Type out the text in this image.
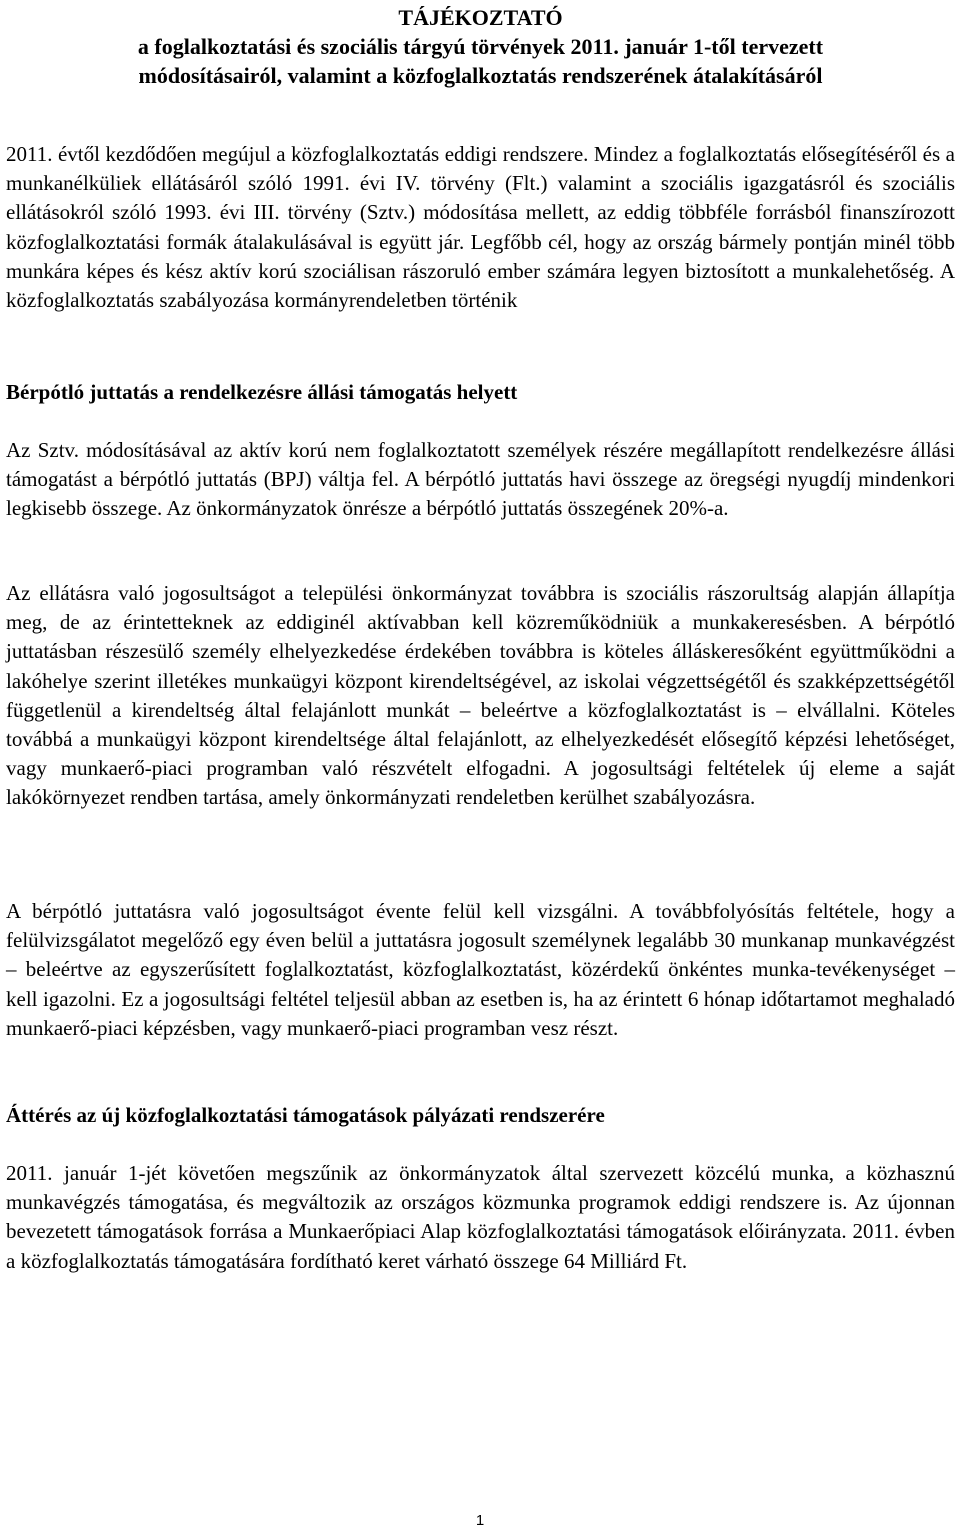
TÁJÉKOZTATÓ
a foglalkoztatási és szociális tárgyú törvények 2011. január 1-től tervezett
módosításairól, valamint a közfoglalkoztatás rendszerének átalakításáról

2011. évtől kezdődően megújul a közfoglalkoztatás eddigi rendszere. Mindez a foglalkoztatás elősegítéséről és a munkanélküliek ellátásáról szóló 1991. évi IV. törvény (Flt.) valamint a szociális igazgatásról és szociális ellátásokról szóló 1993. évi III. törvény (Sztv.) módosítása mellett, az eddig többféle forrásból finanszírozott közfoglalkoztatási formák átalakulásával is együtt jár. Legfőbb cél, hogy az ország bármely pontján minél több munkára képes és kész aktív korú szociálisan rászoruló ember számára legyen biztosított a munkalehetőség. A közfoglalkoztatás szabályozása kormányrendeletben történik

Bérpótló juttatás a rendelkezésre állási támogatás helyett

Az Sztv. módosításával az aktív korú nem foglalkoztatott személyek részére megállapított rendelkezésre állási támogatást a bérpótló juttatás (BPJ) váltja fel. A bérpótló juttatás havi összege az öregségi nyugdíj mindenkori legkisebb összege. Az önkormányzatok önrésze a bérpótló juttatás összegének 20%-a.

Az ellátásra való jogosultságot a települési önkormányzat továbbra is szociális rászorultság alapján állapítja meg, de az érintetteknek az eddiginél aktívabban kell közreműködniük a munkakeresésben. A bérpótló juttatásban részesülő személy elhelyezkedése érdekében továbbra is köteles álláskeresőként együttműködni a lakóhelye szerint illetékes munkaügyi központ kirendeltségével, az iskolai végzettségétől és szakképzettségétől függetlenül a kirendeltség által felajánlott munkát – beleértve a közfoglalkoztatást is – elvállalni. Köteles továbbá a munkaügyi központ kirendeltsége által felajánlott, az elhelyezkedését elősegítő képzési lehetőséget, vagy munkaerő-piaci programban való részvételt elfogadni. A jogosultsági feltételek új eleme a saját lakókörnyezet rendben tartása, amely önkormányzati rendeletben kerülhet szabályozásra.

A bérpótló juttatásra való jogosultságot évente felül kell vizsgálni. A továbbfolyósítás feltétele, hogy a felülvizsgálatot megelőző egy éven belül a juttatásra jogosult személynek legalább 30 munkanap munkavégzést – beleértve az egyszerűsített foglalkoztatást, közfoglalkoztatást, közérdekű önkéntes munka-tevékenységet – kell igazolni. Ez a jogosultsági feltétel teljesül abban az esetben is, ha az érintett 6 hónap időtartamot meghaladó munkaerő-piaci képzésben, vagy munkaerő-piaci programban vesz részt.

Áttérés az új közfoglalkoztatási támogatások pályázati rendszerére

2011. január 1-jét követően megszűnik az önkormányzatok által szervezett közcélú munka, a közhasznú munkavégzés támogatása, és megváltozik az országos közmunka programok eddigi rendszere is. Az újonnan bevezetett támogatások forrása a Munkaerőpiaci Alap közfoglalkoztatási támogatások előirányzata. 2011. évben a közfoglalkoztatás támogatására fordítható keret várható összege 64 Milliárd Ft.

1
